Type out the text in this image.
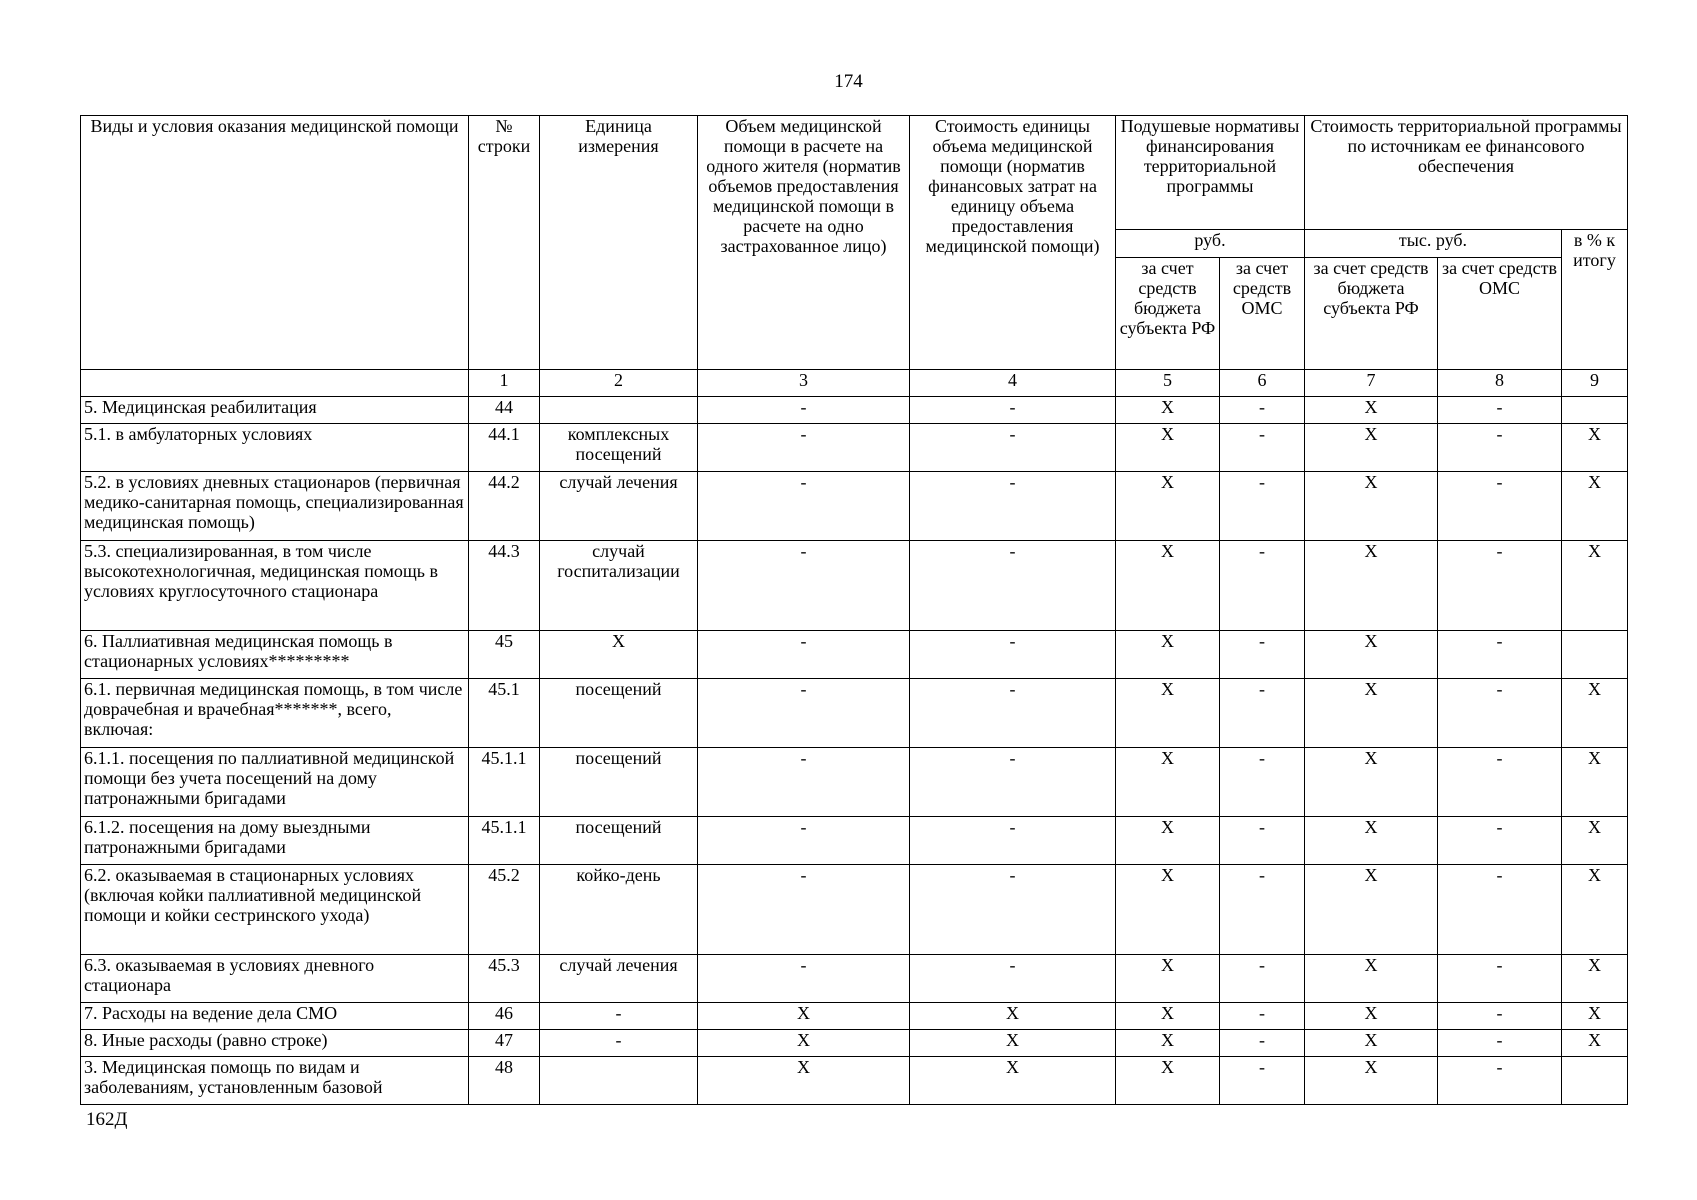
174
Виды и условия оказания медицинской помощи	№ строки	Единица измерения	Объем медицинской помощи в расчете на одного жителя (норматив объемов предоставления медицинской помощи в расчете на одно застрахованное лицо)	Стоимость единицы объема медицинской помощи (норматив финансовых затрат на единицу объема предоставления медицинской помощи)	Подушевые нормативы финансирования территориальной программы		Стоимость территориальной программы по источникам ее финансового обеспечения		
					руб.		тыс. руб.		в % к итогу
					за счет средств бюджета субъекта РФ	за счет средств ОМС	за счет средств бюджета субъекта РФ	за счет средств ОМС	
	1	2	3	4	5	6	7	8	9
5. Медицинская реабилитация	44		-	-	X	-	X	-	
5.1. в амбулаторных условиях	44.1	комплексных посещений	-	-	X	-	X	-	X
5.2. в условиях дневных стационаров (первичная медико-санитарная помощь, специализированная медицинская помощь)	44.2	случай лечения	-	-	X	-	X	-	X
5.3. специализированная, в том числе высокотехнологичная, медицинская помощь в условиях круглосуточного стационара	44.3	случай госпитализации	-	-	X	-	X	-	X
6. Паллиативная медицинская помощь в стационарных условиях*********	45	X	-	-	X	-	X	-	
6.1. первичная медицинская помощь, в том числе доврачебная и врачебная*******, всего, включая:	45.1	посещений	-	-	X	-	X	-	X
6.1.1. посещения по паллиативной медицинской помощи без учета посещений на дому патронажными бригадами	45.1.1	посещений	-	-	X	-	X	-	X
6.1.2. посещения на дому выездными патронажными бригадами	45.1.1	посещений	-	-	X	-	X	-	X
6.2. оказываемая в стационарных условиях (включая койки паллиативной медицинской помощи и койки сестринского ухода)	45.2	койко-день	-	-	X	-	X	-	X
6.3. оказываемая в условиях дневного стационара	45.3	случай лечения	-	-	X	-	X	-	X
7. Расходы на ведение дела СМО	46	-	X	X	X	-	X	-	X
8. Иные расходы (равно строке)	47	-	X	X	X	-	X	-	X
3. Медицинская помощь по видам и заболеваниям, установленным базовой	48		X	X	X	-	X	-	
162Д
